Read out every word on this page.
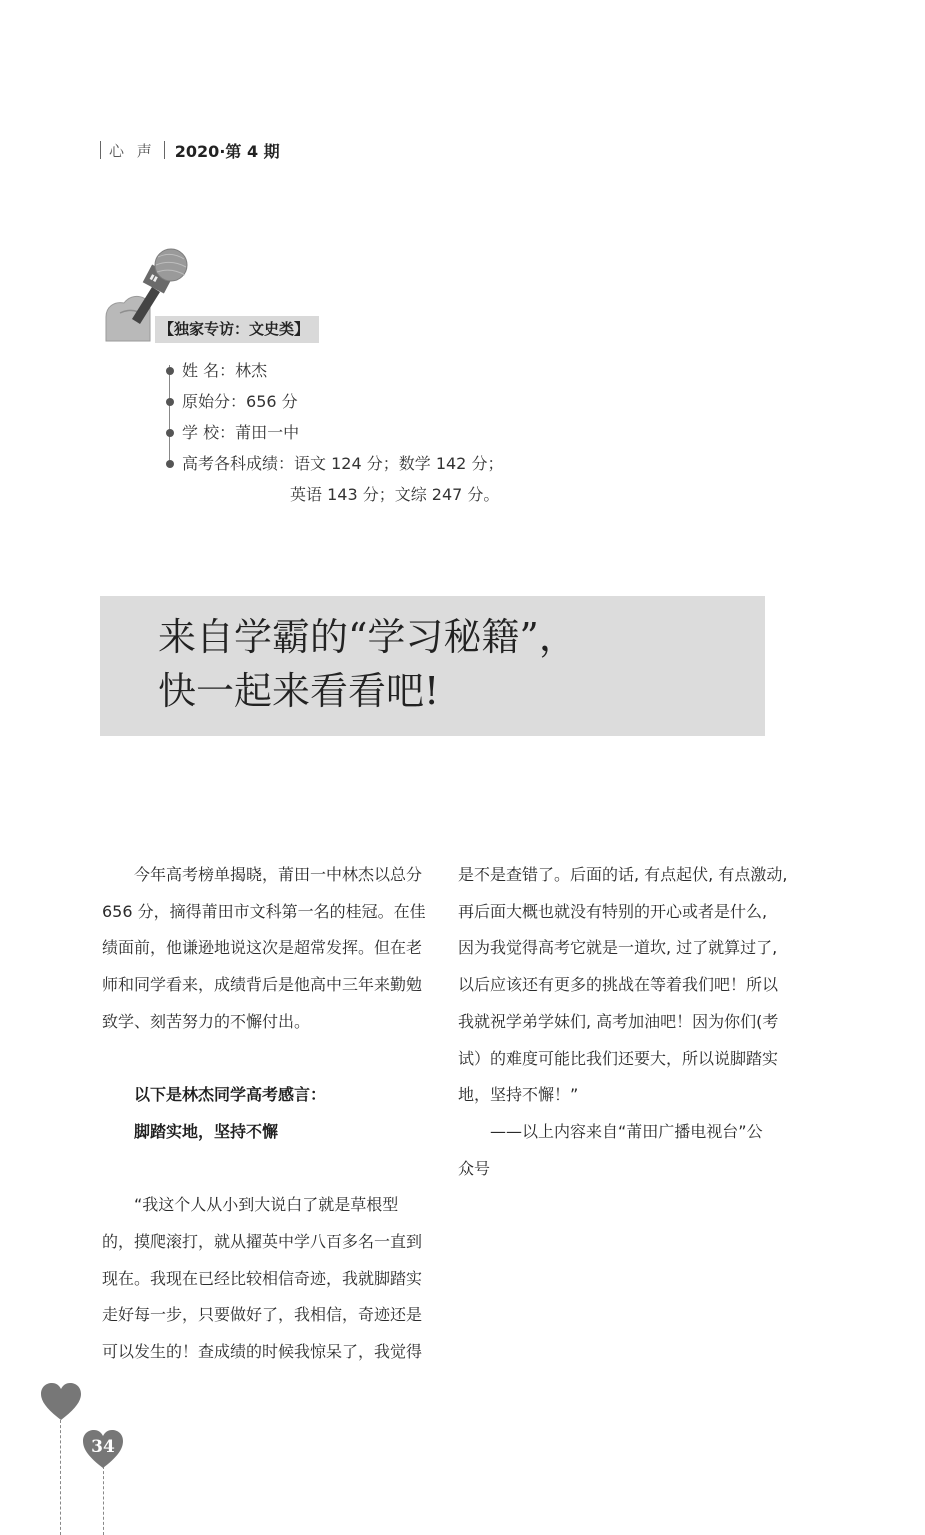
心 声 2020·第 4 期
▮▮
【独家专访：文史类】
姓 名：林杰
原始分：656 分
学 校：莆田一中
高考各科成绩：语文 124 分；数学 142 分；
英语 143 分；文综 247 分。
来自学霸的“学习秘籍”，
快一起来看看吧!

今年高考榜单揭晓，莆田一中林杰以总分

656 分，摘得莆田市文科第一名的桂冠。在佳

绩面前，他谦逊地说这次是超常发挥。但在老

师和同学看来，成绩背后是他高中三年来勤勉

致学、刻苦努力的不懈付出。

以下是林杰同学高考感言：

脚踏实地，坚持不懈

“我这个人从小到大说白了就是草根型

的，摸爬滚打，就从擢英中学八百多名一直到

现在。我现在已经比较相信奇迹，我就脚踏实

走好每一步，只要做好了，我相信，奇迹还是

可以发生的！查成绩的时候我惊呆了，我觉得

是不是查错了。后面的话, 有点起伏, 有点激动,

再后面大概也就没有特别的开心或者是什么,

因为我觉得高考它就是一道坎, 过了就算过了,

以后应该还有更多的挑战在等着我们吧！所以

我就祝学弟学妹们, 高考加油吧！因为你们(考

试）的难度可能比我们还要大，所以说脚踏实

地，坚持不懈！”

——以上内容来自“莆田广播电视台”公

众号

34
